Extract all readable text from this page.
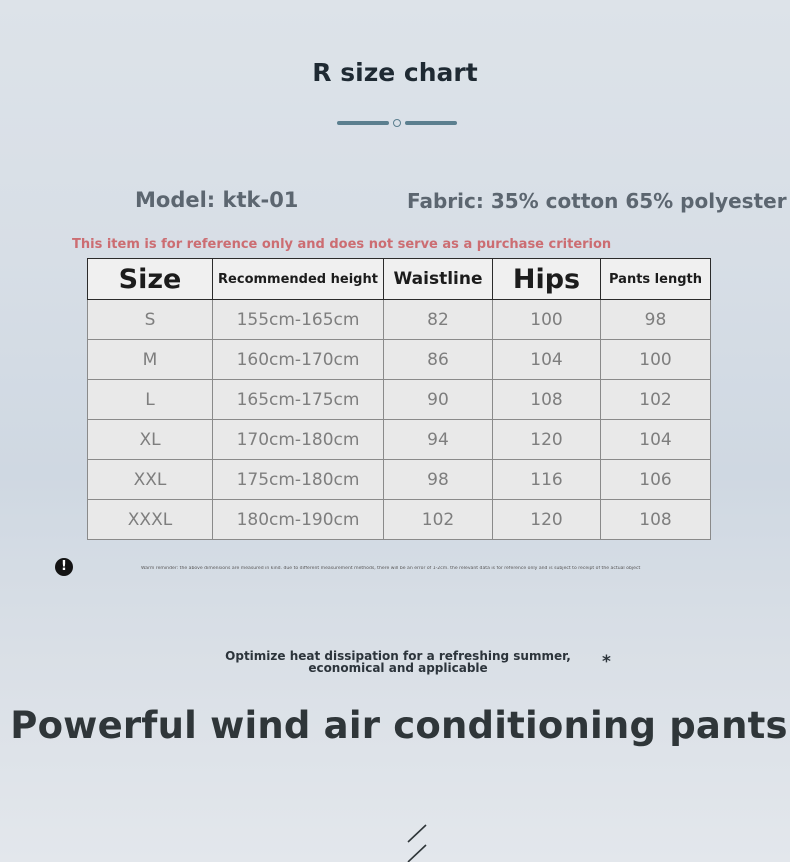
R size chart
Model: ktk-01	Fabric: 35% cotton 65% polyester
This item is for reference only and does not serve as a purchase criterion
Size	Recommended height	Waistline	Hips	Pants length
S	155cm-165cm	82	100	98
M	160cm-170cm	86	104	100
L	165cm-175cm	90	108	102
XL	170cm-180cm	94	120	104
XXL	175cm-180cm	98	116	106
XXXL	180cm-190cm	102	120	108
!	Warm reminder: the above dimensions are measured in kind. due to different measurement methods, there will be an error of 1-2cm. the relevant data is for reference only and is subject to receipt of the actual object
Optimize heat dissipation for a refreshing summer, economical and applicable	*
Powerful wind air conditioning pants
